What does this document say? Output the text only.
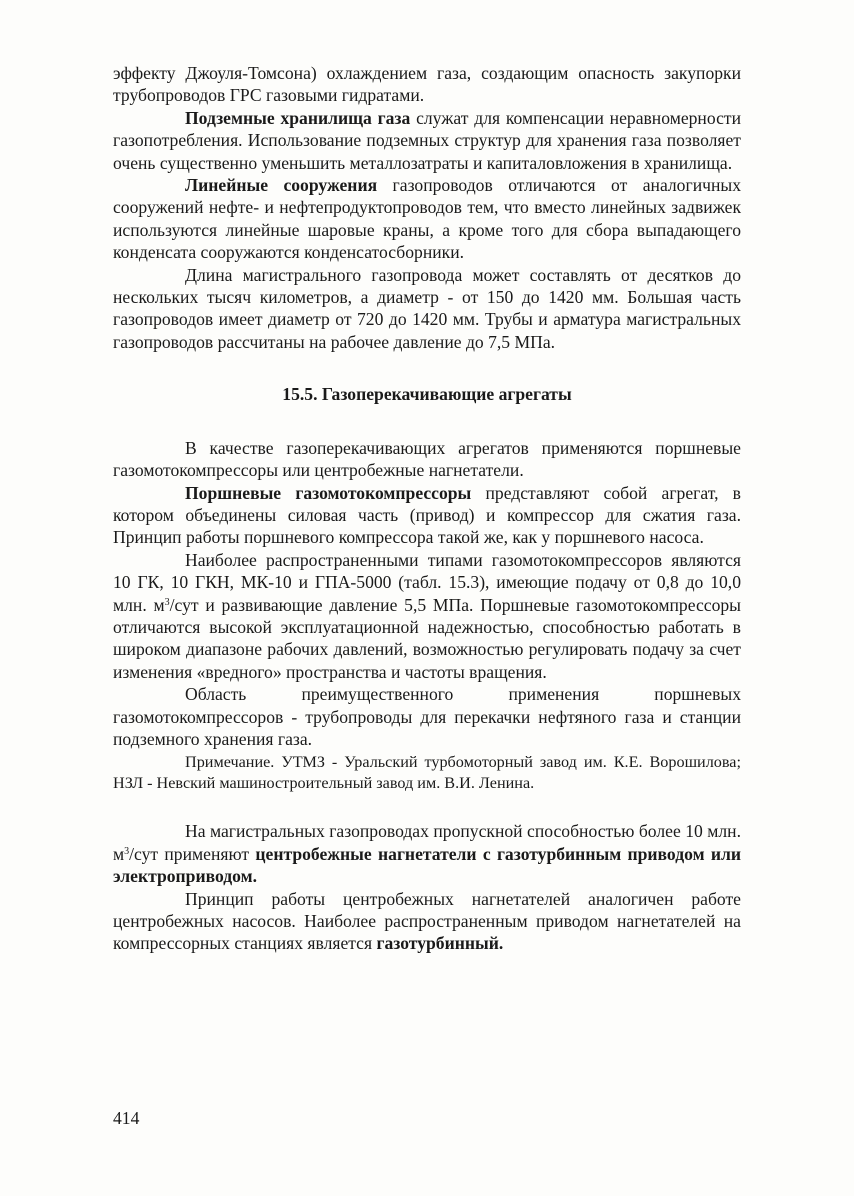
эффекту Джоуля-Томсона) охлаждением газа, создающим опасность закупорки трубопроводов ГРС газовыми гидратами.

Подземные хранилища газа служат для компенсации неравномерности газопотребления. Использование подземных структур для хранения газа позволяет очень существенно уменьшить металлозатраты и капиталовложения в хранилища.

Линейные сооружения газопроводов отличаются от аналогичных сооружений нефте- и нефтепродуктопроводов тем, что вместо линейных задвижек используются линейные шаровые краны, а кроме того для сбора выпадающего конденсата сооружаются конденсатосборники.

Длина магистрального газопровода может составлять от десятков до нескольких тысяч километров, а диаметр - от 150 до 1420 мм. Большая часть газопроводов имеет диаметр от 720 до 1420 мм. Трубы и арматура магистральных газопроводов рассчитаны на рабочее давление до 7,5 МПа.

15.5. Газоперекачивающие агрегаты

В качестве газоперекачивающих агрегатов применяются поршневые газомотокомпрессоры или центробежные нагнетатели.

Поршневые газомотокомпрессоры представляют собой агрегат, в котором объединены силовая часть (привод) и компрессор для сжатия газа. Принцип работы поршневого компрессора такой же, как у поршневого насоса.

Наиболее распространенными типами газомотокомпрессоров являются 10 ГК, 10 ГКН, МК-10 и ГПА-5000 (табл. 15.3), имеющие подачу от 0,8 до 10,0 млн. $м^3$/сут и развивающие давление 5,5 МПа. Поршневые газомотокомпрессоры отличаются высокой эксплуатационной надежностью, способностью работать в широком диапазоне рабочих давлений, возможностью регулировать подачу за счет изменения «вредного» пространства и частоты вращения.

Область преимущественного применения поршневых газомотокомпрессоров - трубопроводы для перекачки нефтяного газа и станции подземного хранения газа.

Примечание. УТМЗ - Уральский турбомоторный завод им. К.Е. Ворошилова; НЗЛ - Невский машиностроительный завод им. В.И. Ленина.

На магистральных газопроводах пропускной способностью более 10 млн. $м^3$/сут применяют центробежные нагнетатели с газотурбинным приводом или электроприводом.

Принцип работы центробежных нагнетателей аналогичен работе центробежных насосов. Наиболее распространенным приводом нагнетателей на компрессорных станциях является газотурбинный.

414
